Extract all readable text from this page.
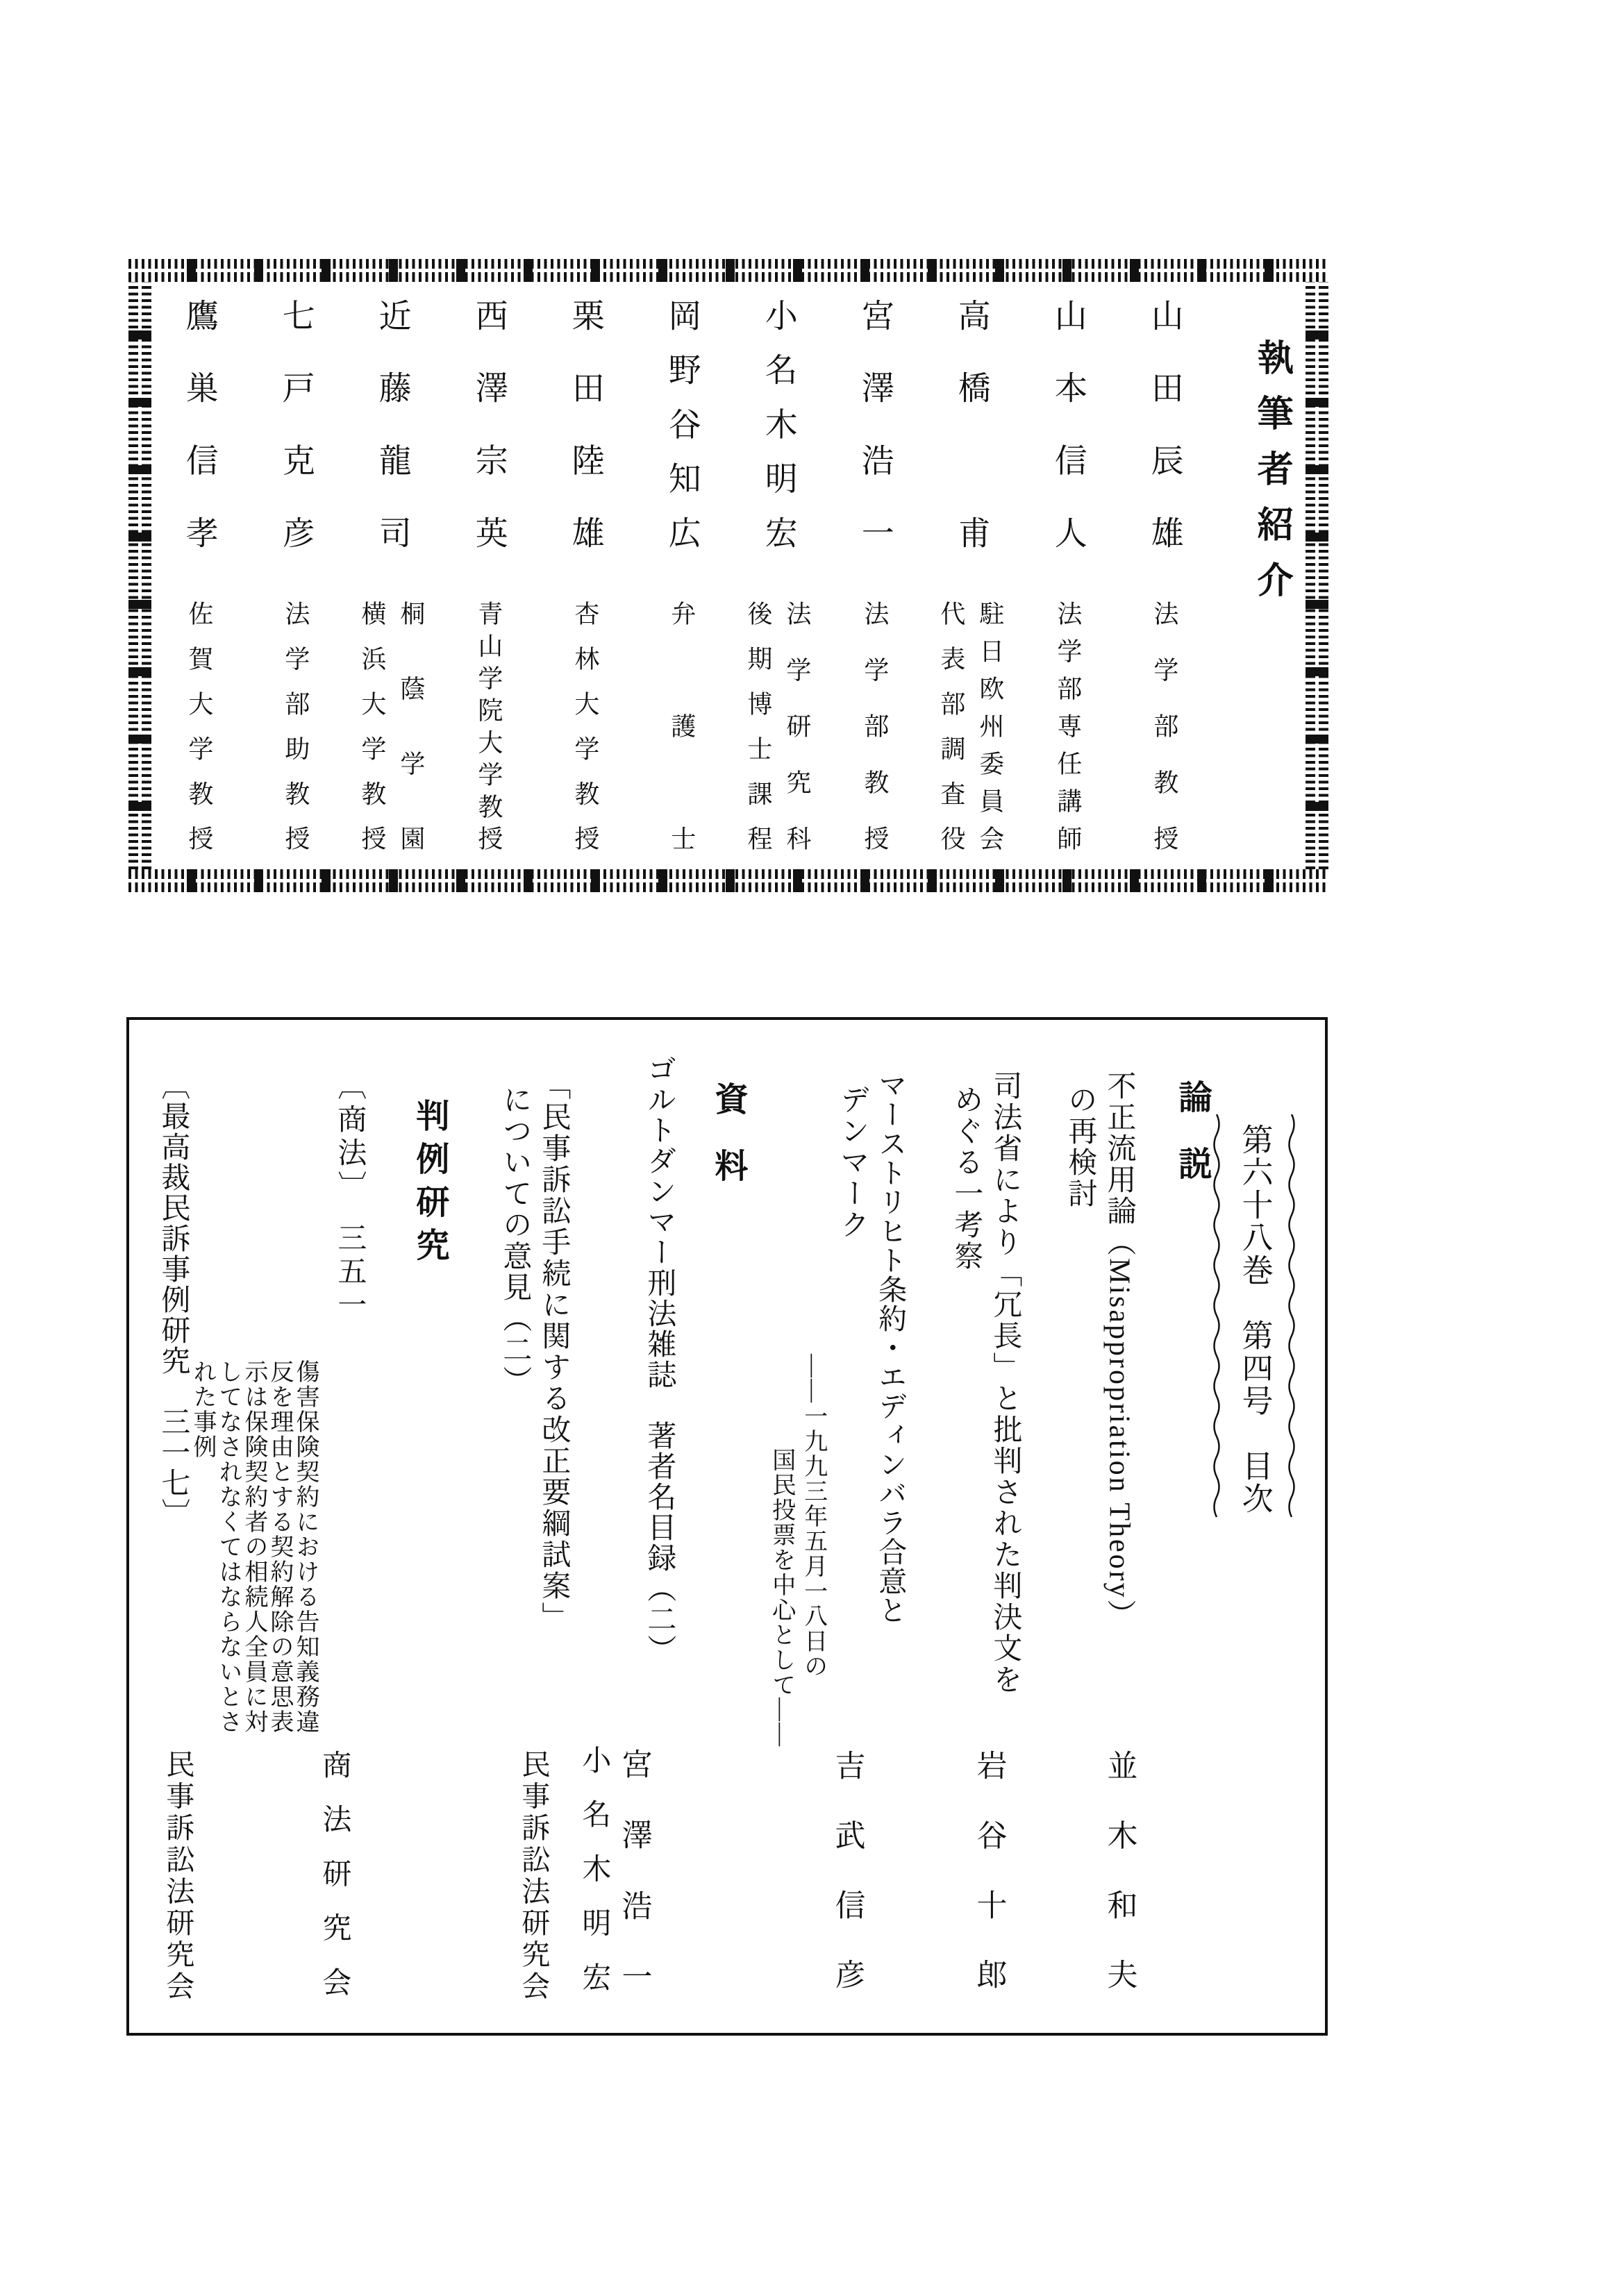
執筆者紹介
山田辰雄
山本信人
高橋　甫
宮澤浩一
小名木明宏
岡野谷知広
栗田陸雄
西澤宗英
近藤龍司
七戸克彦
鷹巣信孝
法学部教授
法学部専任講師
駐日欧州委員会
代表部調査役
法学部教授
法学研究科
後期博士課程
弁護士
杏林大学教授
青山学院大学教授
桐蔭学園
横浜大学教授
法学部助教授
佐賀大学教授
第六十八巻　第四号　目次
論　説
不正流用論（Misappropriation Theory）
の再検討
並木和夫
司法省により「冗長」と批判された判決文を
めぐる一考察
岩谷十郎
マーストリヒト条約・エディンバラ合意と
デンマーク
——一九九三年五月一八日の
国民投票を中心として——
吉武信彦
資　料
ゴルトダンマー刑法雑誌　著者名目録（二）
宮澤浩一
小名木明宏
「民事訴訟手続に関する改正要綱試案」
についての意見（二）
民事訴訟法研究会
判例研究
〔商法〕　三五一
傷害保険契約における告知義務違
反を理由とする契約解除の意思表
示は保険契約者の相続人全員に対
してなされなくてはならないとさ
れた事例
商法研究会
〔最高裁民訴事例研究　三一七〕
民事訴訟法研究会
